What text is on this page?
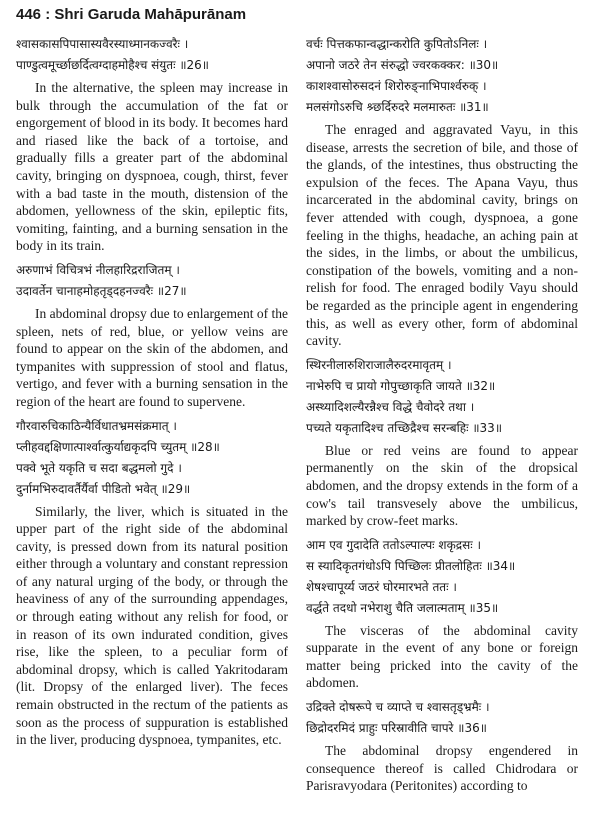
446 : Shri Garuda Mahāpurānam
श्वासकासपिपासास्यवैरस्याध्मानकज्वरैः ।
पाण्डुत्वमूर्च्छाछर्दित्वग्दाहमोहैश्च संयुतः ॥26॥

In the alternative, the spleen may increase in bulk through the accumulation of the fat or engorgement of blood in its body. It becomes hard and riased like the back of a tortoise, and gradually fills a greater part of the abdominal cavity, bringing on dyspnoea, cough, thirst, fever with a bad taste in the mouth, distension of the abdomen, yellowness of the skin, epileptic fits, vomiting, fainting, and a burning sensation in the body in its train.

अरुणाभं विचित्रभं नीलहारिद्रराजितम् ।
उदावर्तेन चानाहमोहतृड्दहनज्वरैः ॥27॥

In abdominal dropsy due to enlargement of the spleen, nets of red, blue, or yellow veins are found to appear on the skin of the abdomen, and tympanites with suppression of stool and flatus, vertigo, and fever with a burning sensation in the region of the heart are found to supervene.

गौरवारुचिकाठिन्यैर्विधातभ्रमसंक्रमात् ।
प्लीहवद्दक्षिणात्पार्श्वात्कुर्याद्यकृदपि च्युतम् ॥28॥
पक्वे भूते यकृति च सदा बद्धमलो गुदे ।
दुर्नामभिरुदावर्तैर्यैर्वा पीडितो भवेत् ॥29॥

Similarly, the liver, which is situated in the upper part of the right side of the abdominal cavity, is pressed down from its natural position either through a voluntary and constant repression of any natural urging of the body, or through the heaviness of any of the surrounding appendages, or through eating without any relish for food, or in reason of its own indurated condition, gives rise, like the spleen, to a peculiar form of abdominal dropsy, which is called Yakritodaram (lit. Dropsy of the enlarged liver). The feces remain obstructed in the rectum of the patients as soon as the process of suppuration is established in the liver, producing dyspnoea, tympanites, etc.

वर्चः पित्तकफान्वद्धान्करोति कुपितोऽनिलः ।
अपानो जठरे तेन संरुद्धो ज्वरकक्कर: ॥30॥
काशश्वासोरुसदनं शिरोरुङ्नाभिपार्श्वरुक् ।
मलसंगोऽरुचि श्र्छर्दिरुदरे मलमारुतः ॥31॥

The enraged and aggravated Vayu, in this disease, arrests the secretion of bile, and those of the glands, of the intestines, thus obstructing the expulsion of the feces. The Apana Vayu, thus incarcerated in the abdominal cavity, brings on fever attended with cough, dyspnoea, a gone feeling in the thighs, headache, an aching pain at the sides, in the limbs, or about the umbilicus, constipation of the bowels, vomiting and a non-relish for food. The enraged bodily Vayu should be regarded as the principle agent in engendering this, as well as every other, form of abdominal cavity.

स्थिरनीलारुशिराजालैरुदरमावृतम् ।
नाभेरुपि च प्रायो गोपुच्छाकृति जायते ॥32॥
अस्थ्यादिशल्यैरन्नैश्च विद्धे चैवोदरे तथा ।
पच्यते यकृतादिश्च तच्छिद्रैश्च सरन्बहिः ॥33॥

Blue or red veins are found to appear permanently on the skin of the dropsical abdomen, and the dropsy extends in the form of a cow's tail transvesely above the umbilicus, marked by crow-feet marks.

आम एव गुदादेति ततोऽल्पाल्पः शकृद्रसः ।
स स्यादिकृतगंधोऽपि पिच्छिलः प्रीतलोहितः ॥34॥
शेषश्चापूर्य्य जठरं घोरमारभते ततः ।
वर्द्धते तदधो नभेराशु चैति जलात्मताम् ॥35॥

The visceras of the abdominal cavity supparate in the event of any bone or foreign matter being pricked into the cavity of the abdomen.

उद्रिक्ते दोषरूपे च व्याप्ते च श्वासतृड्भ्रमैः ।
छिद्रोदरमिदं प्राहुः परिस्रावीति चापरे ॥36॥

The abdominal dropsy engendered in consequence thereof is called Chidrodara or Parisravyodara (Peritonites) according to
